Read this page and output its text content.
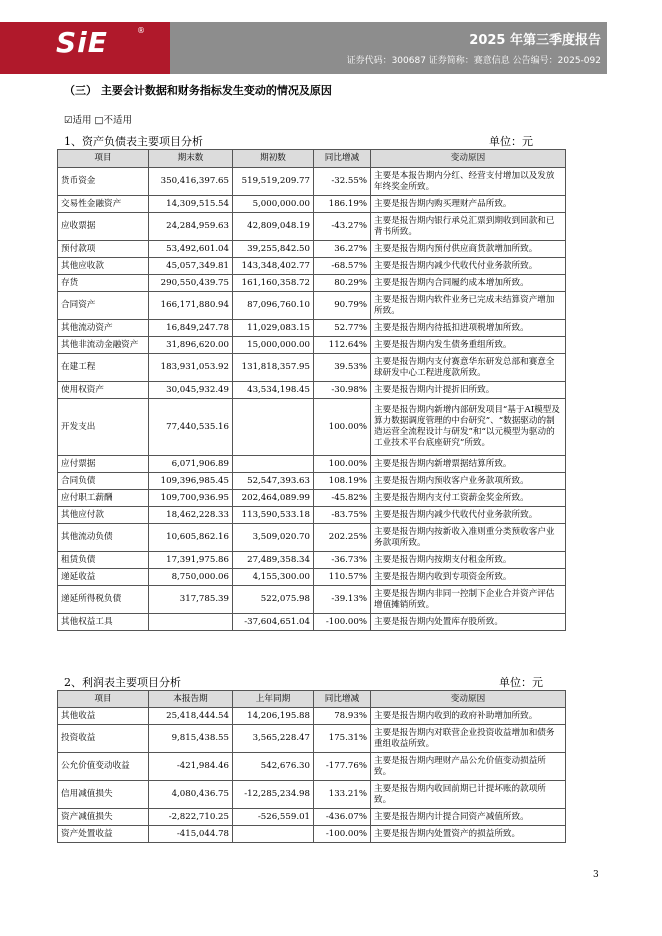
SiE	®
2025 年第三季度报告
证券代码：300687 证券简称：赛意信息 公告编号：2025-092
（三） 主要会计数据和财务指标发生变动的情况及原因
☑适用 □不适用
1、资产负债表主要项目分析	单位：元
项目	期末数	期初数	同比增减	变动原因
货币资金	350,416,397.65	519,519,209.77	-32.55%	主要是本报告期内分红、经营支付增加以及发放年终奖金所致。
交易性金融资产	14,309,515.54	5,000,000.00	186.19%	主要是报告期内购买理财产品所致。
应收票据	24,284,959.63	42,809,048.19	-43.27%	主要是报告期内银行承兑汇票到期收到回款和已背书所致。
预付款项	53,492,601.04	39,255,842.50	36.27%	主要是报告期内预付供应商货款增加所致。
其他应收款	45,057,349.81	143,348,402.77	-68.57%	主要是报告期内减少代收代付业务款所致。
存货	290,550,439.75	161,160,358.72	80.29%	主要是报告期内合同履约成本增加所致。
合同资产	166,171,880.94	87,096,760.10	90.79%	主要是报告期内软件业务已完成未结算资产增加所致。
其他流动资产	16,849,247.78	11,029,083.15	52.77%	主要是报告期内待抵扣进项税增加所致。
其他非流动金融资产	31,896,620.00	15,000,000.00	112.64%	主要是报告期内发生债务重组所致。
在建工程	183,931,053.92	131,818,357.95	39.53%	主要是报告期内支付赛意华东研发总部和赛意全球研发中心工程进度款所致。
使用权资产	30,045,932.49	43,534,198.45	-30.98%	主要是报告期内计提折旧所致。
开发支出	77,440,535.16		100.00%	主要是报告期内新增内部研发项目“基于AI模型及算力数据调度管理的中台研究”、“数据驱动的制造运营全流程设计与研发”和“以元模型为驱动的工业技术平台底座研究”所致。
应付票据	6,071,906.89		100.00%	主要是报告期内新增票据结算所致。
合同负债	109,396,985.45	52,547,393.63	108.19%	主要是报告期内预收客户业务款项所致。
应付职工薪酬	109,700,936.95	202,464,089.99	-45.82%	主要是报告期内支付工资薪金奖金所致。
其他应付款	18,462,228.33	113,590,533.18	-83.75%	主要是报告期内减少代收代付业务款所致。
其他流动负债	10,605,862.16	3,509,020.70	202.25%	主要是报告期内按新收入准则重分类预收客户业务款项所致。
租赁负债	17,391,975.86	27,489,358.34	-36.73%	主要是报告期内按期支付租金所致。
递延收益	8,750,000.06	4,155,300.00	110.57%	主要是报告期内收到专项资金所致。
递延所得税负债	317,785.39	522,075.98	-39.13%	主要是报告期内非同一控制下企业合并资产评估增值摊销所致。
其他权益工具		-37,604,651.04	-100.00%	主要是报告期内处置库存股所致。
2、利润表主要项目分析	单位：元
项目	本报告期	上年同期	同比增减	变动原因
其他收益	25,418,444.54	14,206,195.88	78.93%	主要是报告期内收到的政府补助增加所致。
投资收益	9,815,438.55	3,565,228.47	175.31%	主要是报告期内对联营企业投资收益增加和债务重组收益所致。
公允价值变动收益	-421,984.46	542,676.30	-177.76%	主要是报告期内理财产品公允价值变动损益所致。
信用减值损失	4,080,436.75	-12,285,234.98	133.21%	主要是报告期内收回前期已计提坏账的款项所致。
资产减值损失	-2,822,710.25	-526,559.01	-436.07%	主要是报告期内计提合同资产减值所致。
资产处置收益	-415,044.78		-100.00%	主要是报告期内处置资产的损益所致。
3
